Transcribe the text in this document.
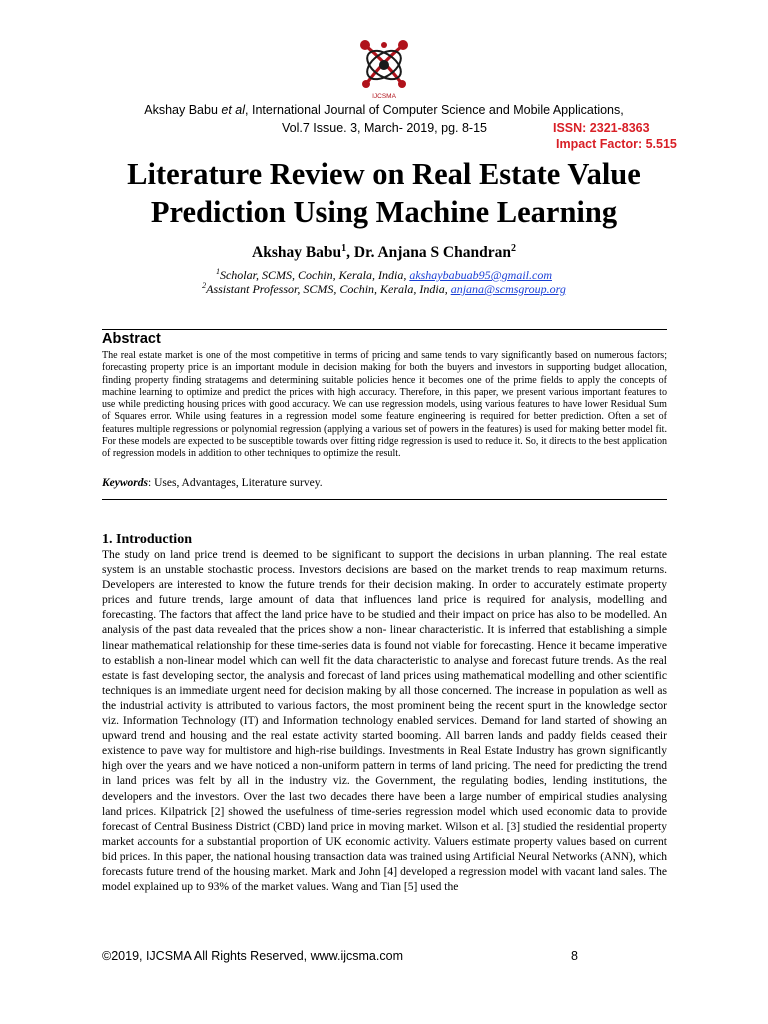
IJCSMA
Akshay Babu et al, International Journal of Computer Science and Mobile Applications,
Vol.7 Issue. 3, March- 2019, pg. 8-15	ISSN: 2321-8363
Impact Factor: 5.515
Literature Review on Real Estate Value
Prediction Using Machine Learning
Akshay Babu$^1$, Dr. Anjana S Chandran$^2$
$^1$Scholar, SCMS, Cochin, Kerala, India, akshaybabuab95@gmail.com
$^2$Assistant Professor, SCMS, Cochin, Kerala, India, anjana@scmsgroup.org
Abstract
The real estate market is one of the most competitive in terms of pricing and same tends to vary significantly based on numerous factors; forecasting property price is an important module in decision making for both the buyers and investors in supporting budget allocation, finding property finding stratagems and determining suitable policies hence it becomes one of the prime fields to apply the concepts of machine learning to optimize and predict the prices with high accuracy. Therefore, in this paper, we present various important features to use while predicting housing prices with good accuracy. We can use regression models, using various features to have lower Residual Sum of Squares error. While using features in a regression model some feature engineering is required for better prediction. Often a set of features multiple regressions or polynomial regression (applying a various set of powers in the features) is used for making better model fit. For these models are expected to be susceptible towards over fitting ridge regression is used to reduce it. So, it directs to the best application of regression models in addition to other techniques to optimize the result.
Keywords: Uses, Advantages, Literature survey.
1. Introduction
The study on land price trend is deemed to be significant to support the decisions in urban planning. The real estate system is an unstable stochastic process. Investors decisions are based on the market trends to reap maximum returns. Developers are interested to know the future trends for their decision making. In order to accurately estimate property prices and future trends, large amount of data that influences land price is required for analysis, modelling and forecasting. The factors that affect the land price have to be studied and their impact on price has also to be modelled. An analysis of the past data revealed that the prices show a non- linear characteristic. It is inferred that establishing a simple linear mathematical relationship for these time-series data is found not viable for forecasting. Hence it became imperative to establish a non-linear model which can well fit the data characteristic to analyse and forecast future trends. As the real estate is fast developing sector, the analysis and forecast of land prices using mathematical modelling and other scientific techniques is an immediate urgent need for decision making by all those concerned. The increase in population as well as the industrial activity is attributed to various factors, the most prominent being the recent spurt in the knowledge sector viz. Information Technology (IT) and Information technology enabled services. Demand for land started of showing an upward trend and housing and the real estate activity started booming. All barren lands and paddy fields ceased their existence to pave way for multistore and high-rise buildings. Investments in Real Estate Industry has grown significantly high over the years and we have noticed a non-uniform pattern in terms of land pricing. The need for predicting the trend in land prices was felt by all in the industry viz. the Government, the regulating bodies, lending institutions, the developers and the investors. Over the last two decades there have been a large number of empirical studies analysing land prices. Kilpatrick [2] showed the usefulness of time-series regression model which used economic data to provide forecast of Central Business District (CBD) land price in moving market. Wilson et al. [3] studied the residential property market accounts for a substantial proportion of UK economic activity. Valuers estimate property values based on current bid prices. In this paper, the national housing transaction data was trained using Artificial Neural Networks (ANN), which forecasts future trend of the housing market. Mark and John [4] developed a regression model with vacant land sales. The model explained up to 93% of the market values. Wang and Tian [5] used the
©2019, IJCSMA All Rights Reserved, www.ijcsma.com	8
